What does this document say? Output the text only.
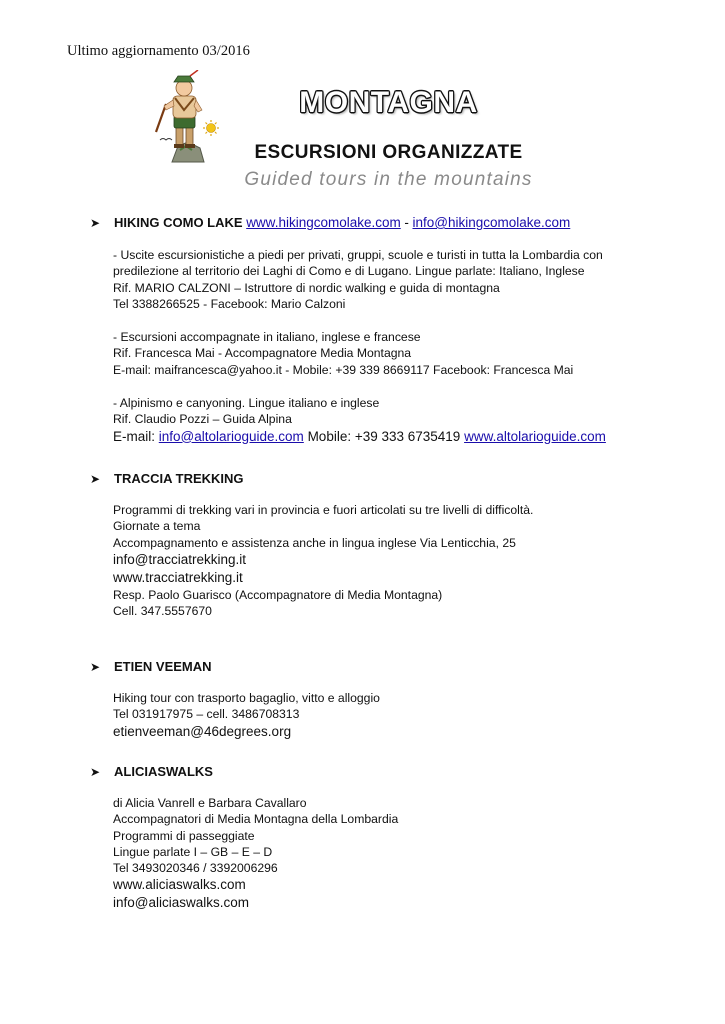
Ultimo aggiornamento 03/2016
MONTAGNA
ESCURSIONI ORGANIZZATE
Guided tours in the mountains
➤ HIKING COMO LAKE www.hikingcomolake.com - info@hikingcomolake.com
- Uscite escursionistiche a piedi per privati, gruppi, scuole e turisti in tutta la Lombardia con
predilezione al territorio dei Laghi di Como e di Lugano. Lingue parlate: Italiano, Inglese
Rif. MARIO CALZONI – Istruttore di nordic walking e guida di montagna
Tel 3388266525 - Facebook: Mario Calzoni
- Escursioni accompagnate in italiano, inglese e francese
Rif. Francesca Mai - Accompagnatore Media Montagna
E-mail: maifrancesca@yahoo.it - Mobile: +39 339 8669117 Facebook: Francesca Mai
- Alpinismo e canyoning. Lingue italiano e inglese
Rif. Claudio Pozzi – Guida Alpina
E-mail: info@altolarioguide.com Mobile: +39 333 6735419 www.altolarioguide.com
➤ TRACCIA TREKKING
Programmi di trekking vari in provincia e fuori articolati su tre livelli di difficoltà.
Giornate a tema
Accompagnamento e assistenza anche in lingua inglese Via Lenticchia, 25
info@tracciatrekking.it
www.tracciatrekking.it
Resp. Paolo Guarisco (Accompagnatore di Media Montagna)
Cell. 347.5557670
➤ ETIEN VEEMAN
Hiking tour con trasporto bagaglio, vitto e alloggio
Tel 031917975 – cell. 3486708313
etienveeman@46degrees.org
➤ ALICIASWALKS
di Alicia Vanrell e Barbara Cavallaro
Accompagnatori di Media Montagna della Lombardia
Programmi di passeggiate
Lingue parlate I – GB – E – D
Tel 3493020346 / 3392006296
www.aliciaswalks.com
info@aliciaswalks.com
